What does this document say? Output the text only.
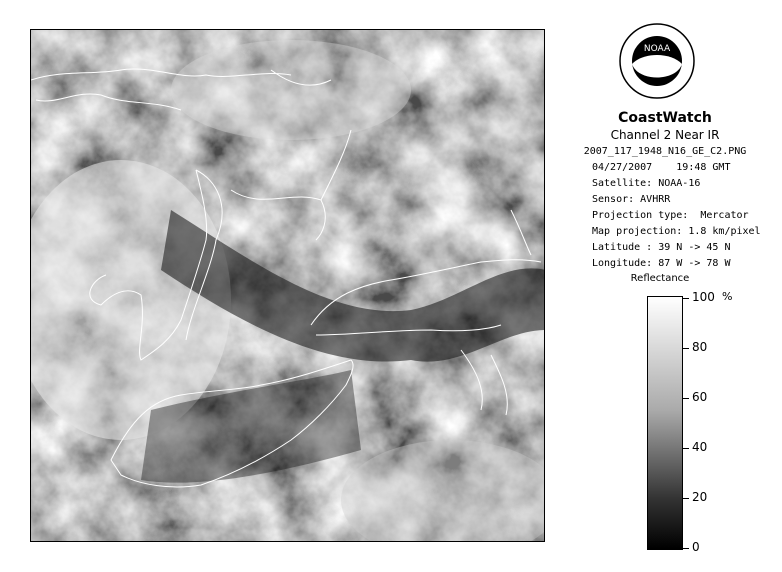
NOAA
CoastWatch
Channel 2 Near IR
2007_117_1948_N16_GE_C2.PNG
04/27/2007    19:48 GMT
Satellite: NOAA-16
Sensor: AVHRR
Projection type:  Mercator
Map projection: 1.8 km/pixel
Latitude : 39 N -> 45 N
Longitude: 87 W -> 78 W
Reflectance
%
100
80
60
40
20
0
